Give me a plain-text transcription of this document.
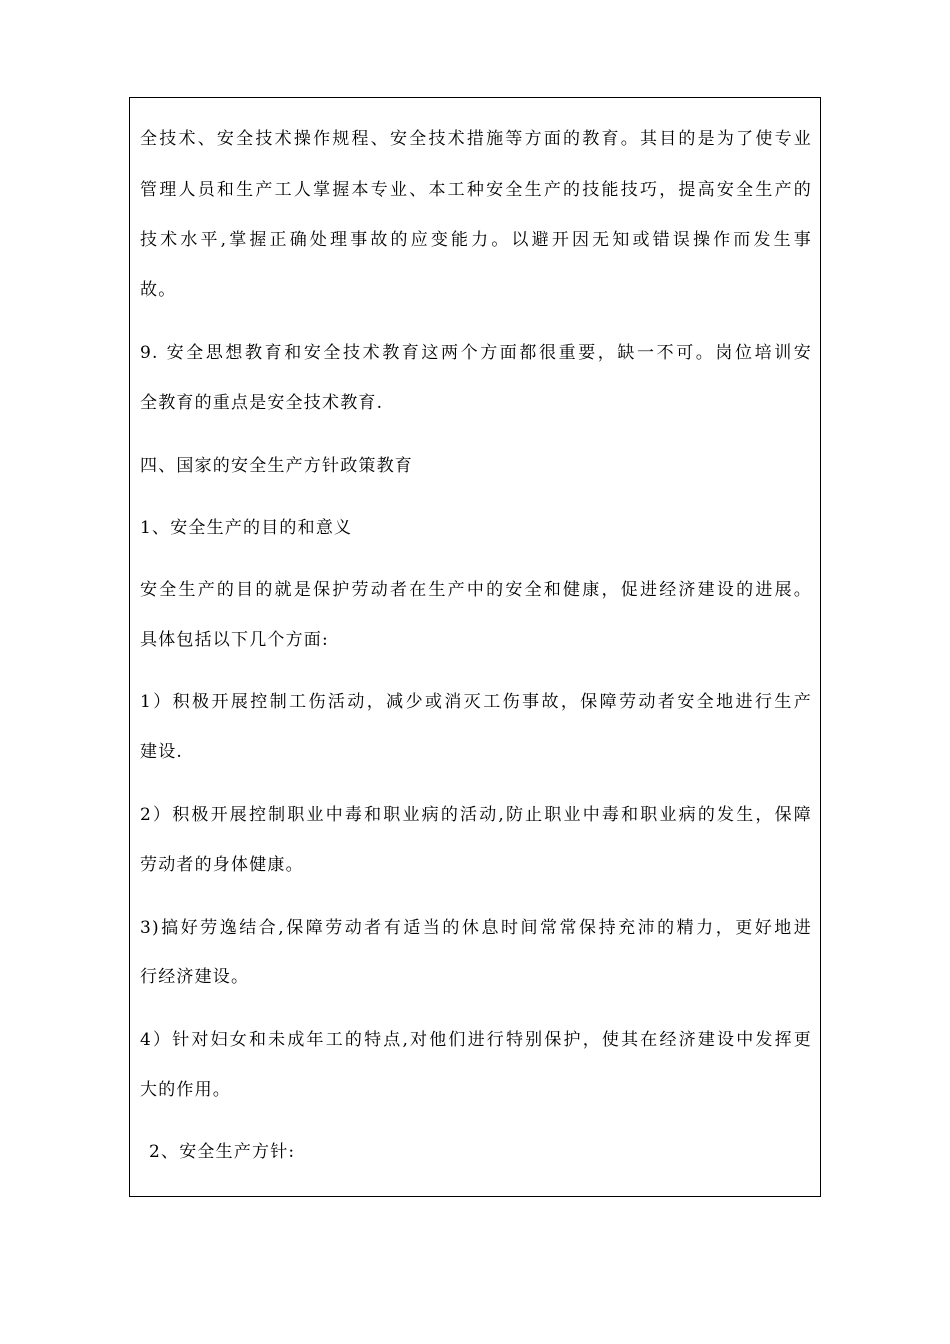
全技术、安全技术操作规程、安全技术措施等方面的教育。其目的是为了使专业
管理人员和生产工人掌握本专业、本工种安全生产的技能技巧，提高安全生产的
技术水平,掌握正确处理事故的应变能力。以避开因无知或错误操作而发生事
故。
9. 安全思想教育和安全技术教育这两个方面都很重要，缺一不可。岗位培训安
全教育的重点是安全技术教育.
四、国家的安全生产方针政策教育
1、安全生产的目的和意义
安全生产的目的就是保护劳动者在生产中的安全和健康，促进经济建设的进展。
具体包括以下几个方面:
1）积极开展控制工伤活动，减少或消灭工伤事故，保障劳动者安全地进行生产
建设.
2）积极开展控制职业中毒和职业病的活动,防止职业中毒和职业病的发生，保障
劳动者的身体健康。
3)搞好劳逸结合,保障劳动者有适当的休息时间常常保持充沛的精力，更好地进
行经济建设。
4）针对妇女和未成年工的特点,对他们进行特别保护，使其在经济建设中发挥更
大的作用。
2、安全生产方针:
